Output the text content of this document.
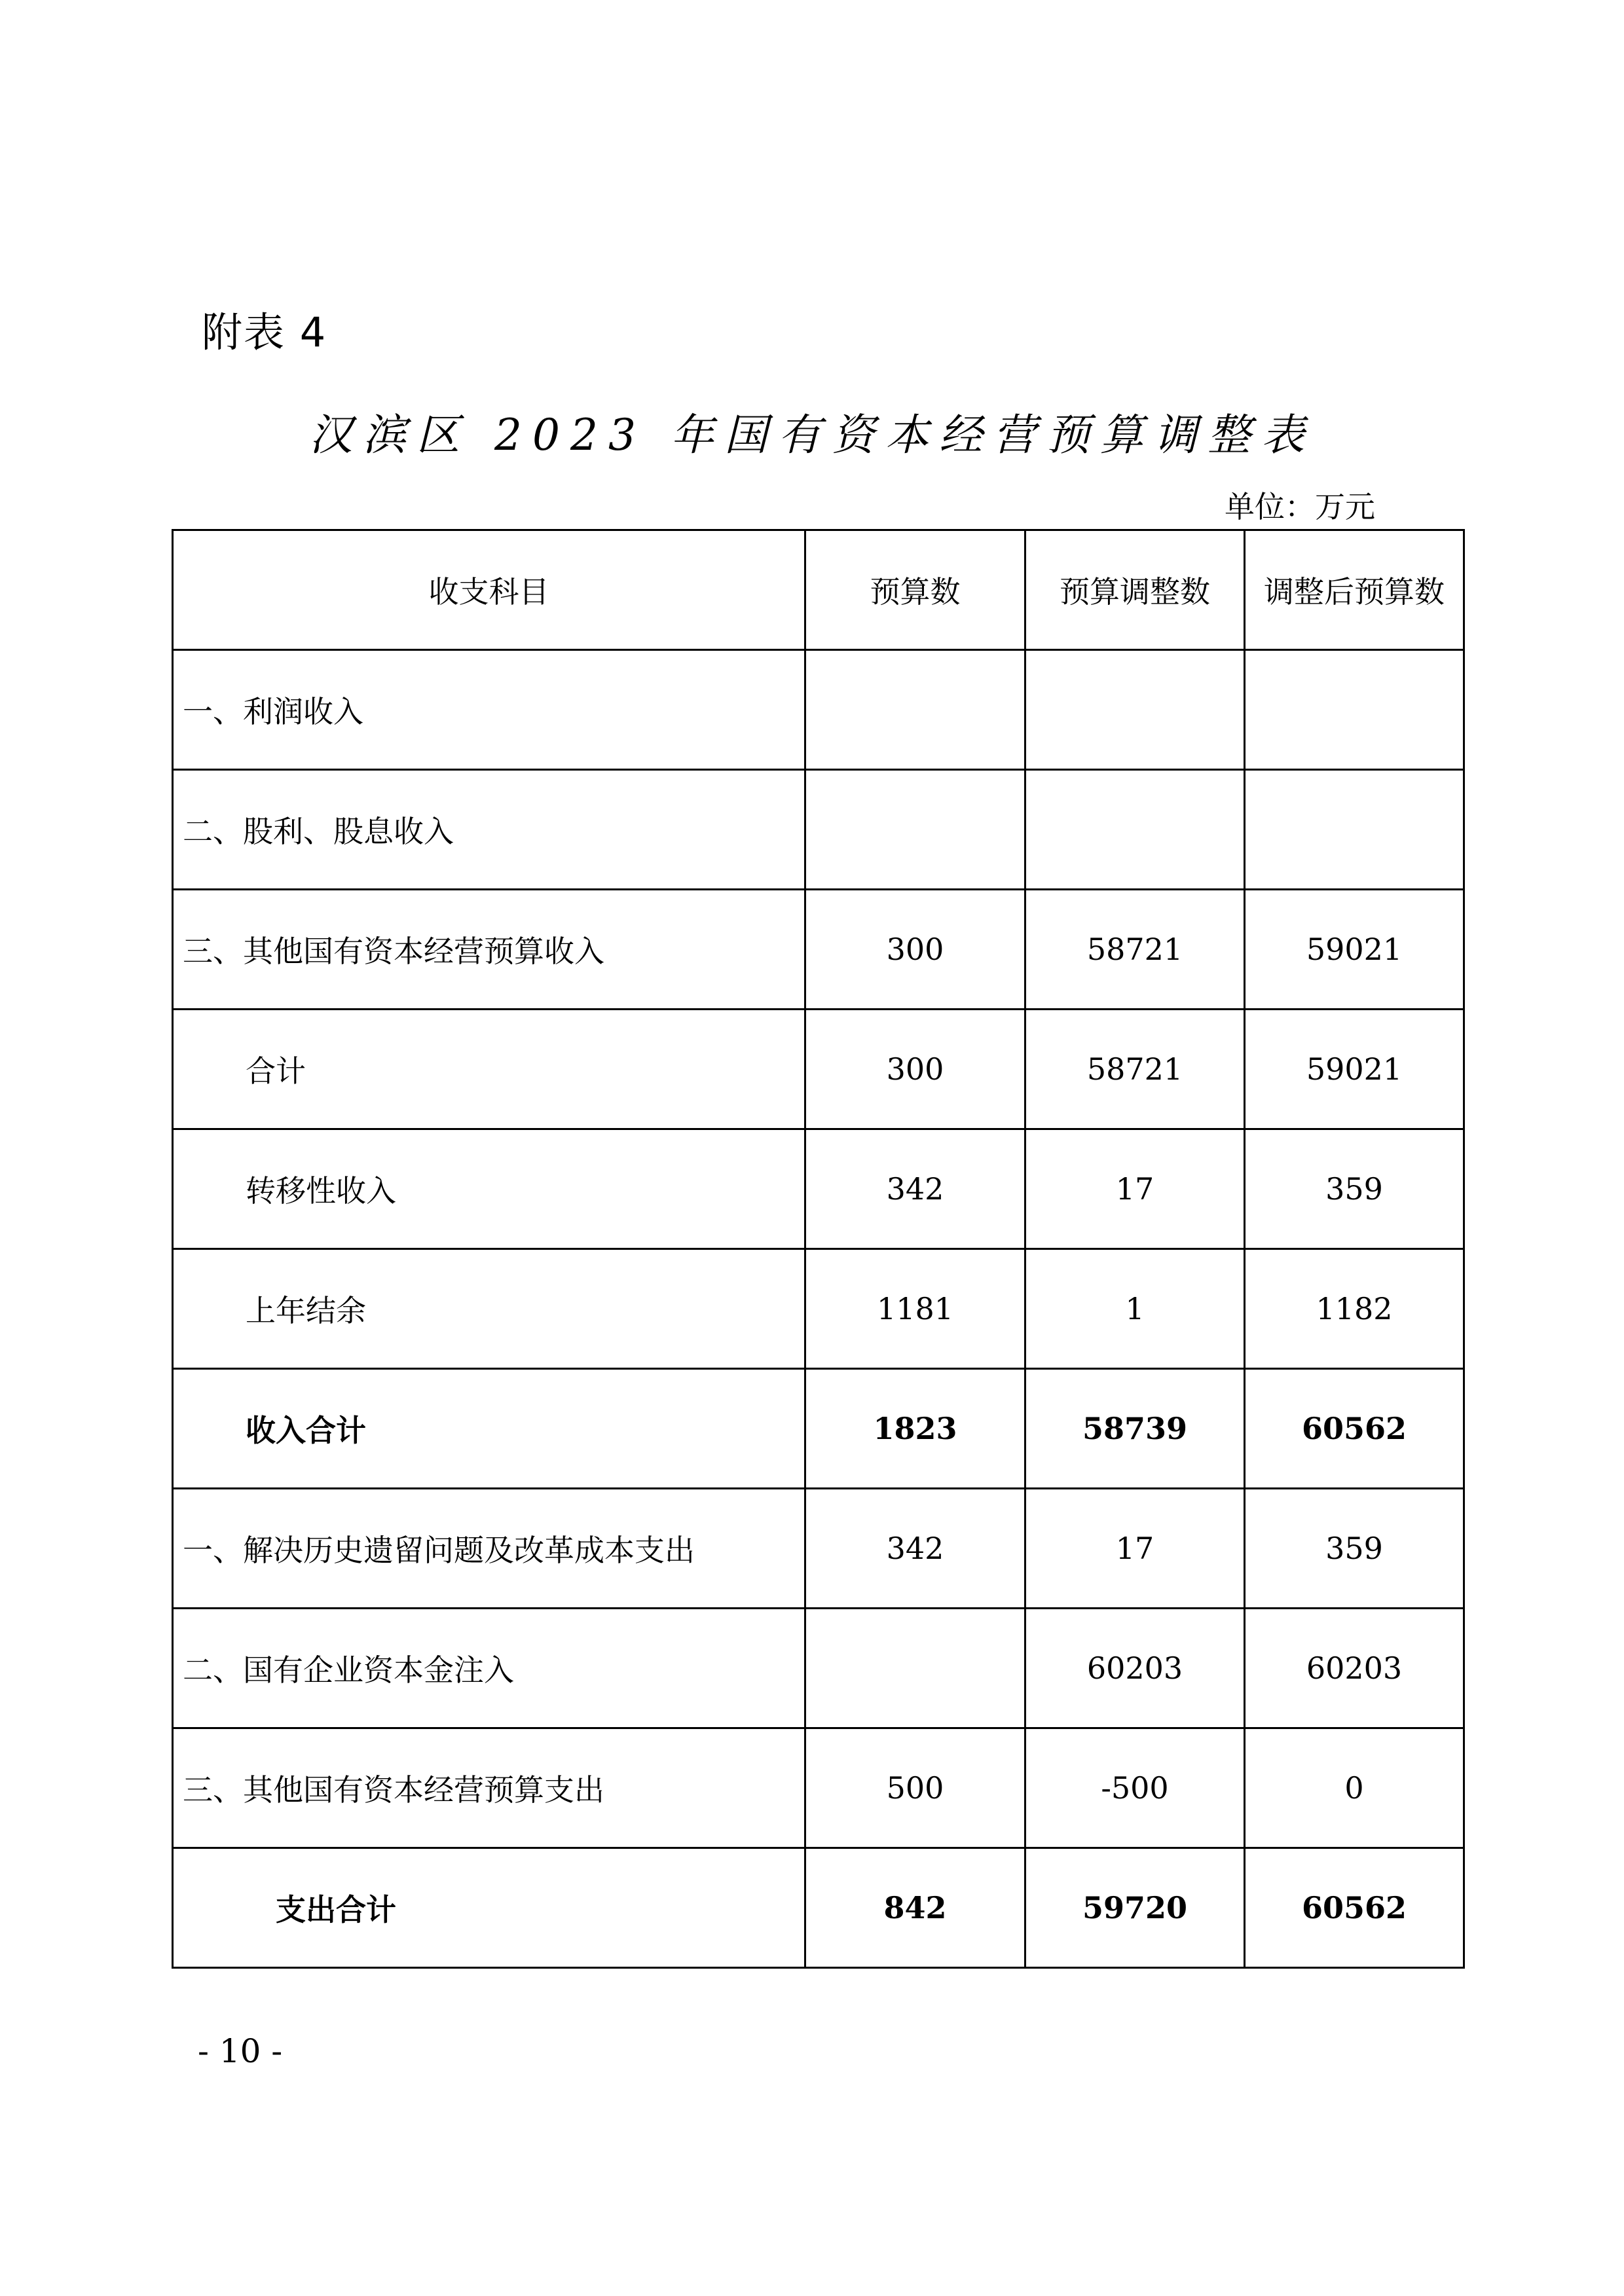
附表 4
汉滨区 2023 年国有资本经营预算调整表
单位：万元
收支科目	预算数	预算调整数	调整后预算数
一、利润收入			
二、股利、股息收入			
三、其他国有资本经营预算收入	300	58721	59021
合计	300	58721	59021
转移性收入	342	17	359
上年结余	1181	1	1182
收入合计	1823	58739	60562
一、解决历史遗留问题及改革成本支出	342	17	359
二、国有企业资本金注入		60203	60203
三、其他国有资本经营预算支出	500	-500	0
支出合计	842	59720	60562
- 10 -
